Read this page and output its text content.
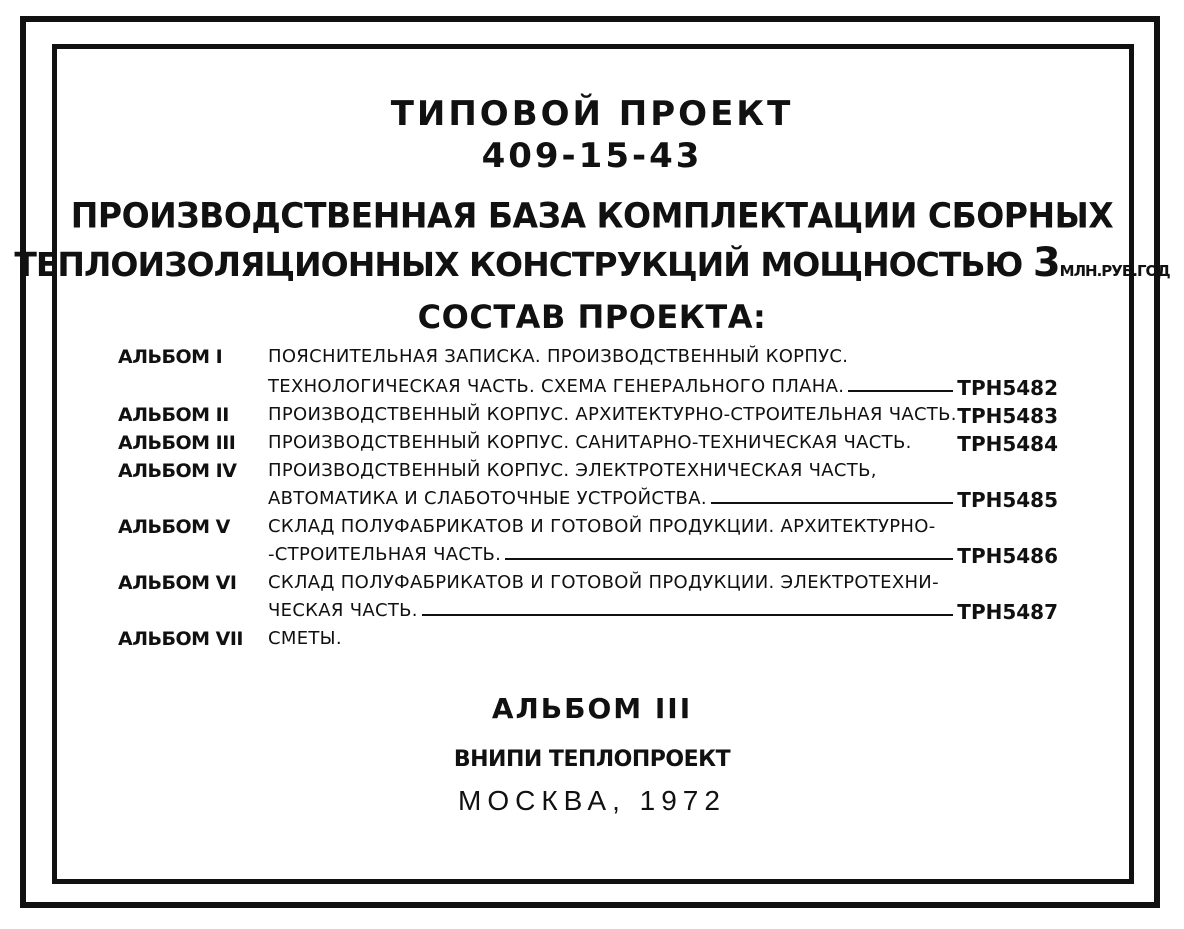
ТИПОВОЙ ПРОЕКТ
409-15-43
ПРОИЗВОДСТВЕННАЯ БАЗА КОМПЛЕКТАЦИИ СБОРНЫХ
ТЕПЛОИЗОЛЯЦИОННЫХ КОНСТРУКЦИЙ МОЩНОСТЬЮ 3МЛН.РУБ.ГОД
СОСТАВ ПРОЕКТА:
АЛЬБОМ I	ПОЯСНИТЕЛЬНАЯ ЗАПИСКА. ПРОИЗВОДСТВЕННЫЙ КОРПУС.
ТЕХНОЛОГИЧЕСКАЯ ЧАСТЬ. СХЕМА ГЕНЕРАЛЬНОГО ПЛАНА.	ТРН5482
АЛЬБОМ II ПРОИЗВОДСТВЕННЫЙ КОРПУС. АРХИТЕКТУРНО-СТРОИТЕЛЬНАЯ ЧАСТЬ. ТРН5483
АЛЬБОМ III ПРОИЗВОДСТВЕННЫЙ КОРПУС. САНИТАРНО-ТЕХНИЧЕСКАЯ ЧАСТЬ. ТРН5484
АЛЬБОМ IV ПРОИЗВОДСТВЕННЫЙ КОРПУС. ЭЛЕКТРОТЕХНИЧЕСКАЯ ЧАСТЬ,
АВТОМАТИКА И СЛАБОТОЧНЫЕ УСТРОЙСТВА.	ТРН5485
АЛЬБОМ V СКЛАД ПОЛУФАБРИКАТОВ И ГОТОВОЙ ПРОДУКЦИИ. АРХИТЕКТУРНО-
-СТРОИТЕЛЬНАЯ ЧАСТЬ.	ТРН5486
АЛЬБОМ VI СКЛАД ПОЛУФАБРИКАТОВ И ГОТОВОЙ ПРОДУКЦИИ. ЭЛЕКТРОТЕХНИ-
ЧЕСКАЯ ЧАСТЬ.	ТРН5487
АЛЬБОМ VII СМЕТЫ.
АЛЬБОМ III
ВНИПИ ТЕПЛОПРОЕКТ
МОСКВА, 1972
